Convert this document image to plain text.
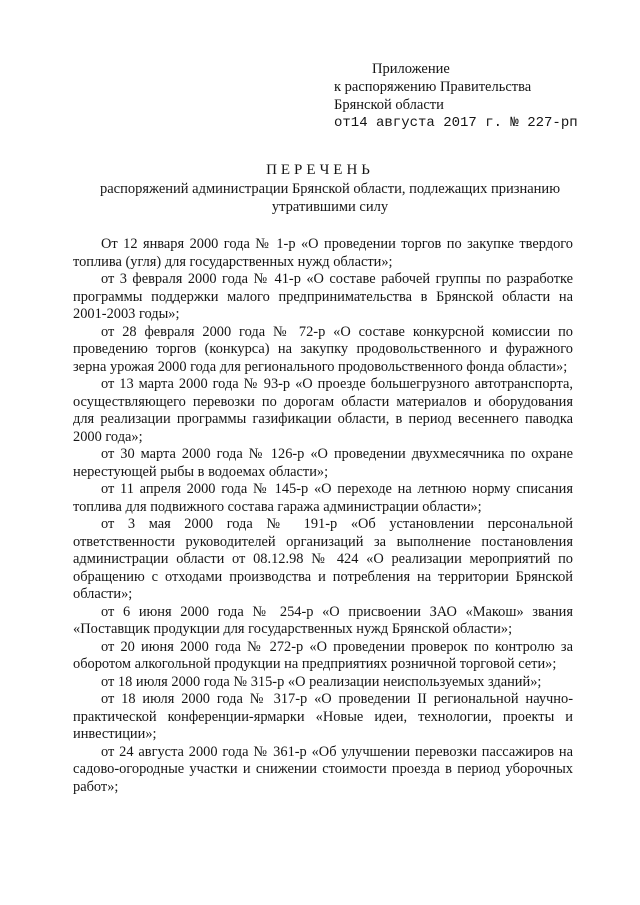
Приложение
к распоряжению Правительства
Брянской области
от14 августа 2017 г. № 227-рп
ПЕРЕЧЕНЬ
распоряжений администрации Брянской области, подлежащих признанию утратившими силу

От 12 января 2000 года № 1-р «О проведении торгов по закупке твердого топлива (угля) для государственных нужд области»;

от 3 февраля 2000 года № 41-р «О составе рабочей группы по разработке программы поддержки малого предпринимательства в Брянской области на 2001-2003 годы»;

от 28 февраля 2000 года № 72-р «О составе конкурсной комиссии по проведению торгов (конкурса) на закупку продовольственного и фуражного зерна урожая 2000 года для регионального продовольственного фонда области»;

от 13 марта 2000 года № 93-р «О проезде большегрузного автотранспорта, осуществляющего перевозки по дорогам области материалов и оборудования для реализации программы газификации области, в период весеннего паводка 2000 года»;

от 30 марта 2000 года № 126-р «О проведении двухмесячника по охране нерестующей рыбы в водоемах области»;

от 11 апреля 2000 года № 145-р «О переходе на летнюю норму списания топлива для подвижного состава гаража администрации области»;

от 3 мая 2000 года № 191-р «Об установлении персональной ответственности руководителей организаций за выполнение постановления администрации области от 08.12.98 № 424 «О реализации мероприятий по обращению с отходами производства и потребления на территории Брянской области»;

от 6 июня 2000 года № 254-р «О присвоении ЗАО «Макош» звания «Поставщик продукции для государственных нужд Брянской области»;

от 20 июня 2000 года № 272-р «О проведении проверок по контролю за оборотом алкогольной продукции на предприятиях розничной торговой сети»;

от 18 июля 2000 года № 315-р «О реализации неиспользуемых зданий»;

от 18 июля 2000 года № 317-р «О проведении II региональной научно-практической конференции-ярмарки «Новые идеи, технологии, проекты и инвестиции»;

от 24 августа 2000 года № 361-р «Об улучшении перевозки пассажиров на садово-огородные участки и снижении стоимости проезда в период уборочных работ»;
